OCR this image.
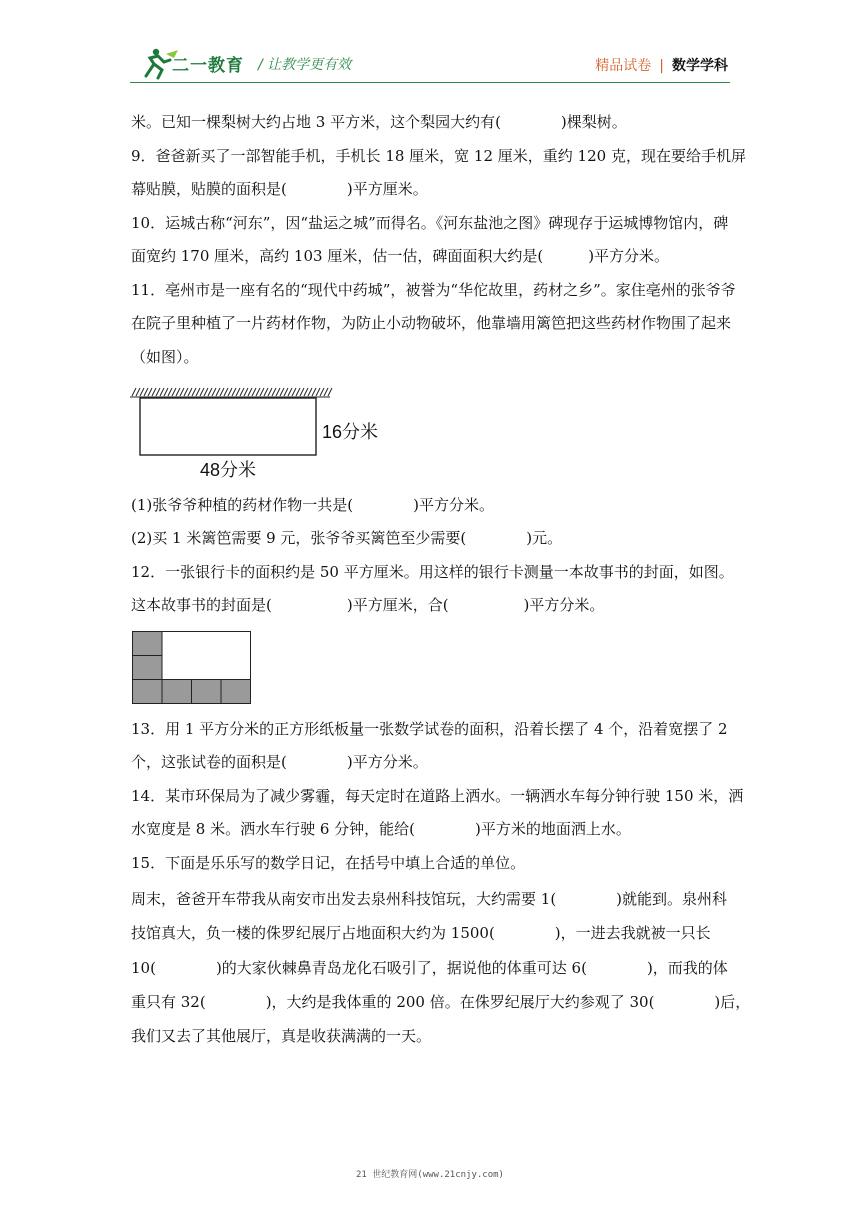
二一教育 / 让教学更有效	精品试卷 | 数学学科
米。已知一棵梨树大约占地 3 平方米，这个梨园大约有(　　　　)棵梨树。
9．爸爸新买了一部智能手机，手机长 18 厘米，宽 12 厘米，重约 120 克，现在要给手机屏
幕贴膜，贴膜的面积是(　　　　)平方厘米。
10．运城古称“河东”，因“盐运之城”而得名。《河东盐池之图》碑现存于运城博物馆内，碑
面宽约 170 厘米，高约 103 厘米，估一估，碑面面积大约是(　　　)平方分米。
11．亳州市是一座有名的“现代中药城”，被誉为“华佗故里，药材之乡”。家住亳州的张爷爷
在院子里种植了一片药材作物，为防止小动物破坏，他靠墙用篱笆把这些药材作物围了起来
（如图）。
48分米
16分米
(1)张爷爷种植的药材作物一共是(　　　　)平方分米。
(2)买 1 米篱笆需要 9 元，张爷爷买篱笆至少需要(　　　　)元。
12．一张银行卡的面积约是 50 平方厘米。用这样的银行卡测量一本故事书的封面，如图。
这本故事书的封面是(　　　　　)平方厘米，合(　　　　　)平方分米。
13．用 1 平方分米的正方形纸板量一张数学试卷的面积，沿着长摆了 4 个，沿着宽摆了 2
个，这张试卷的面积是(　　　　)平方分米。
14．某市环保局为了减少雾霾，每天定时在道路上洒水。一辆洒水车每分钟行驶 150 米，洒
水宽度是 8 米。洒水车行驶 6 分钟，能给(　　　　)平方米的地面洒上水。
15．下面是乐乐写的数学日记，在括号中填上合适的单位。
周末，爸爸开车带我从南安市出发去泉州科技馆玩，大约需要 1(　　　　)就能到。泉州科
技馆真大，负一楼的侏罗纪展厅占地面积大约为 1500(　　　　)，一进去我就被一只长
10(　　　　)的大家伙棘鼻青岛龙化石吸引了，据说他的体重可达 6(　　　　)，而我的体
重只有 32(　　　　)，大约是我体重的 200 倍。在侏罗纪展厅大约参观了 30(　　　　)后，
我们又去了其他展厅，真是收获满满的一天。
21 世纪教育网(www.21cnjy.com)
